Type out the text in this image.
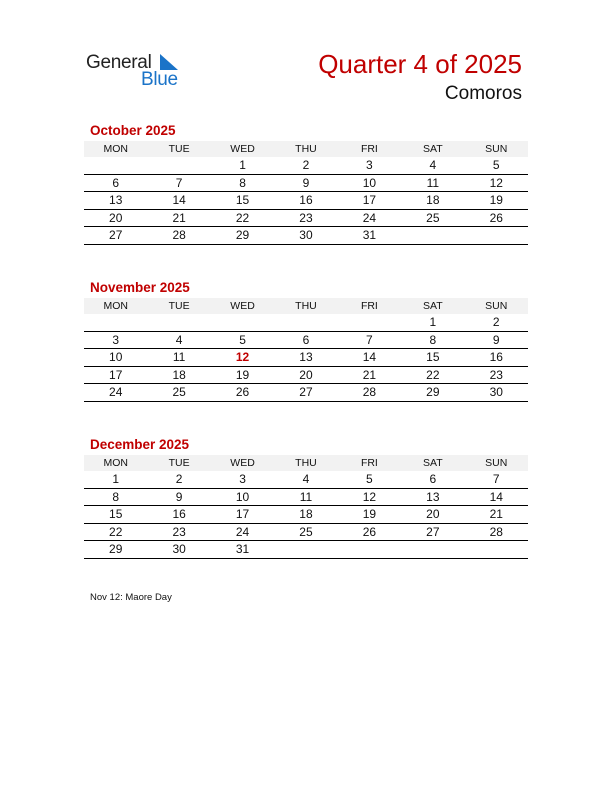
General
Blue
Quarter 4 of 2025
Comoros
October 2025
MON	TUE	WED	THU	FRI	SAT	SUN
		1	2	3	4	5
6	7	8	9	10	11	12
13	14	15	16	17	18	19
20	21	22	23	24	25	26
27	28	29	30	31		
November 2025
MON	TUE	WED	THU	FRI	SAT	SUN
					1	2
3	4	5	6	7	8	9
10	11	12	13	14	15	16
17	18	19	20	21	22	23
24	25	26	27	28	29	30
December 2025
MON	TUE	WED	THU	FRI	SAT	SUN
1	2	3	4	5	6	7
8	9	10	11	12	13	14
15	16	17	18	19	20	21
22	23	24	25	26	27	28
29	30	31				
Nov 12: Maore Day
